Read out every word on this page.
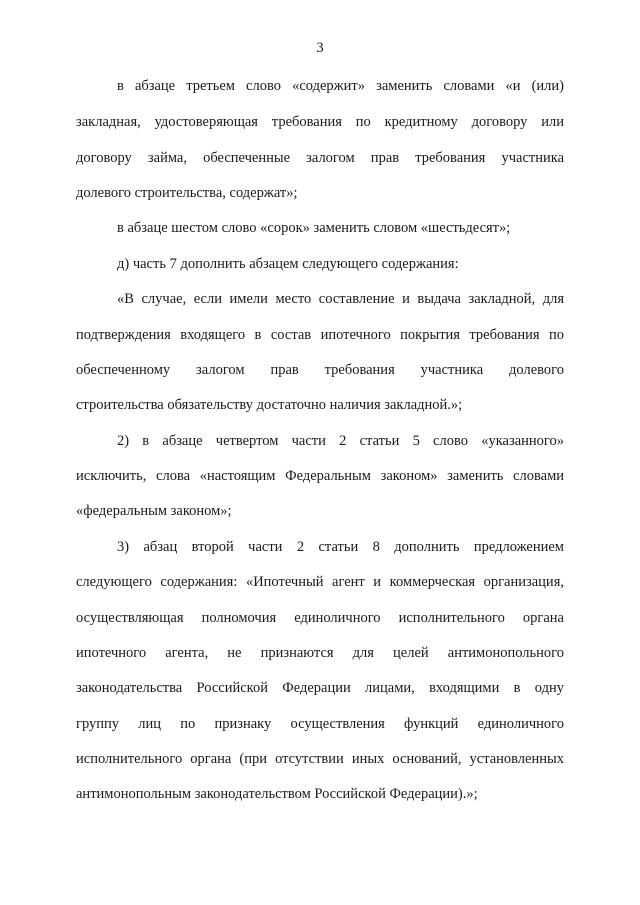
3
в абзаце третьем слово «содержит» заменить словами «и (или)
закладная, удостоверяющая требования по кредитному договору или
договору займа, обеспеченные залогом прав требования участника
долевого строительства, содержат»;
в абзаце шестом слово «сорок» заменить словом «шестьдесят»;
д) часть 7 дополнить абзацем следующего содержания:
«В случае, если имели место составление и выдача закладной, для
подтверждения входящего в состав ипотечного покрытия требования по
обеспеченному залогом прав требования участника долевого
строительства обязательству достаточно наличия закладной.»;
2) в абзаце четвертом части 2 статьи 5 слово «указанного»
исключить, слова «настоящим Федеральным законом» заменить словами
«федеральным законом»;
3) абзац второй части 2 статьи 8 дополнить предложением
следующего содержания: «Ипотечный агент и коммерческая организация,
осуществляющая полномочия единоличного исполнительного органа
ипотечного агента, не признаются для целей антимонопольного
законодательства Российской Федерации лицами, входящими в одну
группу лиц по признаку осуществления функций единоличного
исполнительного органа (при отсутствии иных оснований, установленных
антимонопольным законодательством Российской Федерации).»;
